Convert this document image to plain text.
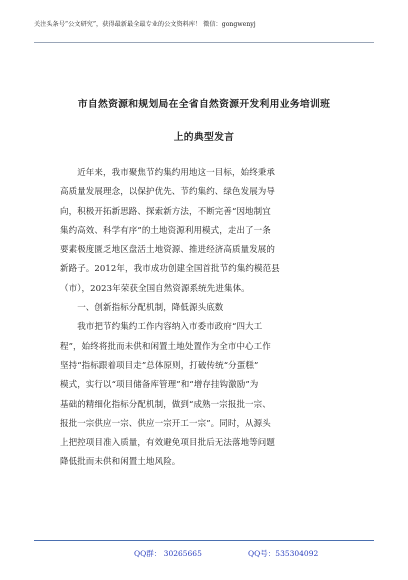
关注头条号“公文研究”，获得最新最全最专业的公文资料库！ 微信：gongwenyj
市自然资源和规划局在全省自然资源开发利用业务培训班
上的典型发言
　　近年来，我市聚焦节约集约用地这一目标，始终秉承
高质量发展理念，以保护优先、节约集约、绿色发展为导
向，积极开拓新思路、探索新方法，不断完善“因地制宜
集约高效、科学有序”的土地资源利用模式，走出了一条
要素极度匮乏地区盘活土地资源、推进经济高质量发展的
新路子。2012年，我市成功创建全国首批节约集约模范县
（市），2023年荣获全国自然资源系统先进集体。
　　一、创新指标分配机制，降低源头底数
　　我市把节约集约工作内容纳入市委市政府“四大工
程”，始终将批而未供和闲置土地处置作为全市中心工作
坚持“指标跟着项目走”总体原则，打破传统“分蛋糕”
模式，实行以“项目储备库管理”和“增存挂钩激励”为
基础的精细化指标分配机制，做到“成熟一宗报批一宗、
报批一宗供应一宗、供应一宗开工一宗”。同时，从源头
上把控项目准入质量，有效避免项目批后无法落地等问题
降低批而未供和闲置土地风险。
QQ群： 30265665	QQ号：535304092
